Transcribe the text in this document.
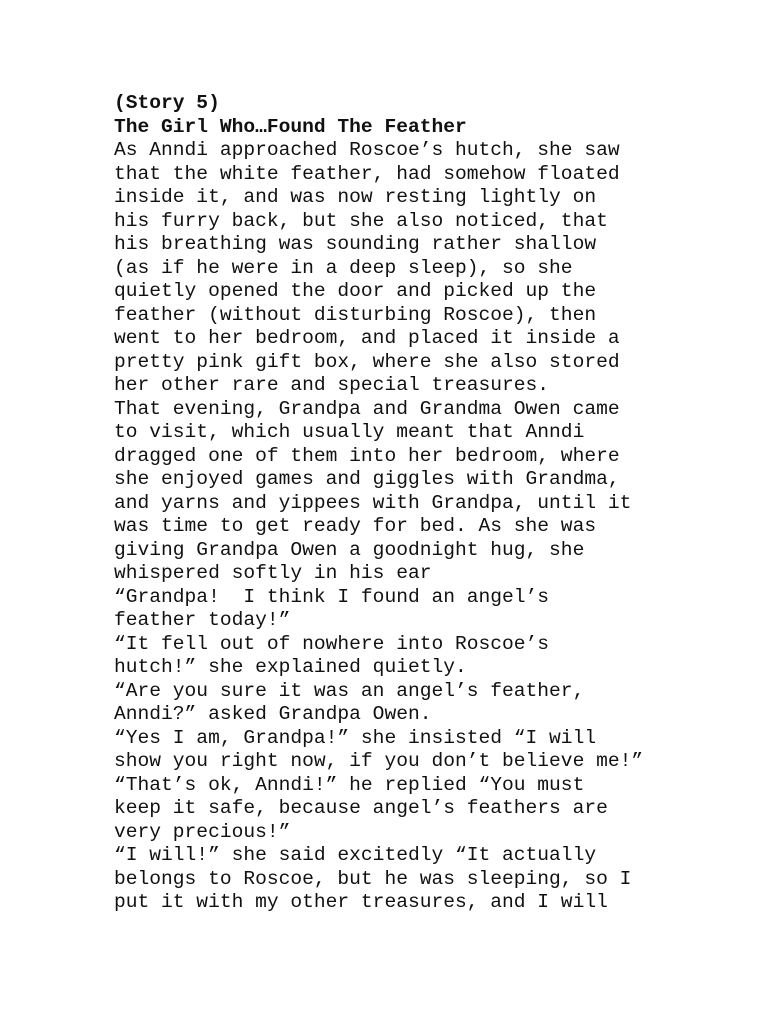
(Story 5)
The Girl Who…Found The Feather
As Anndi approached Roscoe’s hutch, she saw
that the white feather, had somehow floated
inside it, and was now resting lightly on
his furry back, but she also noticed, that
his breathing was sounding rather shallow
(as if he were in a deep sleep), so she
quietly opened the door and picked up the
feather (without disturbing Roscoe), then
went to her bedroom, and placed it inside a
pretty pink gift box, where she also stored
her other rare and special treasures.
That evening, Grandpa and Grandma Owen came
to visit, which usually meant that Anndi
dragged one of them into her bedroom, where
she enjoyed games and giggles with Grandma,
and yarns and yippees with Grandpa, until it
was time to get ready for bed. As she was
giving Grandpa Owen a goodnight hug, she
whispered softly in his ear
“Grandpa!  I think I found an angel’s
feather today!”
“It fell out of nowhere into Roscoe’s
hutch!” she explained quietly.
“Are you sure it was an angel’s feather,
Anndi?” asked Grandpa Owen.
“Yes I am, Grandpa!” she insisted “I will
show you right now, if you don’t believe me!”
“That’s ok, Anndi!” he replied “You must
keep it safe, because angel’s feathers are
very precious!”
“I will!” she said excitedly “It actually
belongs to Roscoe, but he was sleeping, so I
put it with my other treasures, and I will
